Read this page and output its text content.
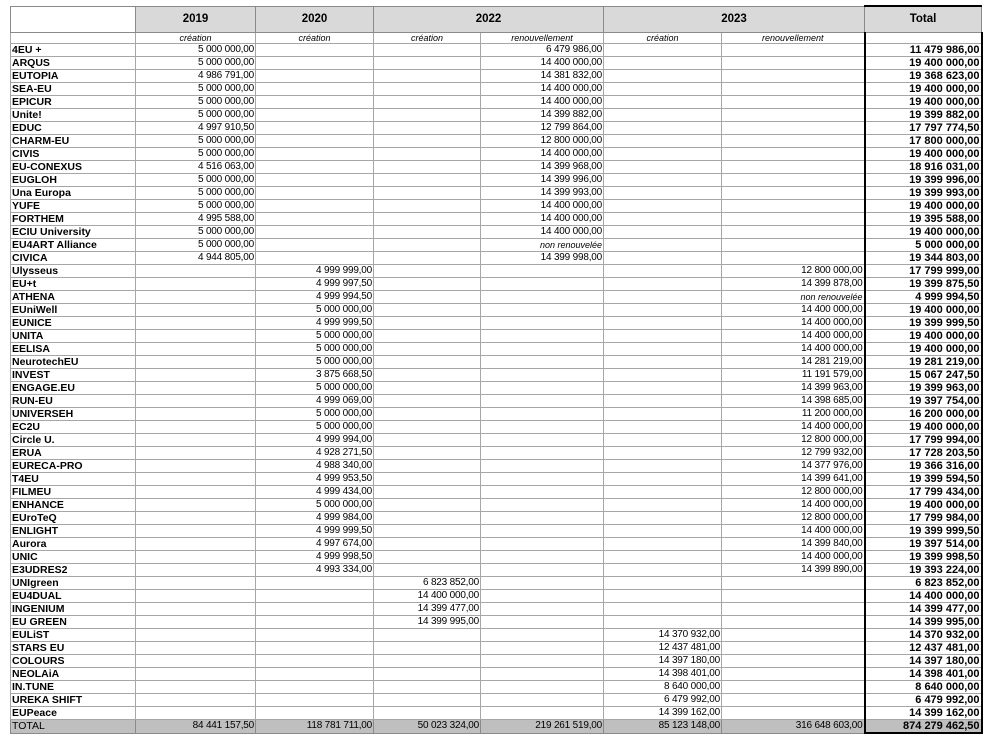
	2019	2020	2022		2023		Total
	création	création	création	renouvellement	création	renouvellement	
4EU +	5 000 000,00			6 479 986,00			11 479 986,00
ARQUS	5 000 000,00			14 400 000,00			19 400 000,00
EUTOPIA	4 986 791,00			14 381 832,00			19 368 623,00
SEA-EU	5 000 000,00			14 400 000,00			19 400 000,00
EPICUR	5 000 000,00			14 400 000,00			19 400 000,00
Unite!	5 000 000,00			14 399 882,00			19 399 882,00
EDUC	4 997 910,50			12 799 864,00			17 797 774,50
CHARM-EU	5 000 000,00			12 800 000,00			17 800 000,00
CIVIS	5 000 000,00			14 400 000,00			19 400 000,00
EU-CONEXUS	4 516 063,00			14 399 968,00			18 916 031,00
EUGLOH	5 000 000,00			14 399 996,00			19 399 996,00
Una Europa	5 000 000,00			14 399 993,00			19 399 993,00
YUFE	5 000 000,00			14 400 000,00			19 400 000,00
FORTHEM	4 995 588,00			14 400 000,00			19 395 588,00
ECIU University	5 000 000,00			14 400 000,00			19 400 000,00
EU4ART Alliance	5 000 000,00			non renouvelée			5 000 000,00
CIVICA	4 944 805,00			14 399 998,00			19 344 803,00
Ulysseus		4 999 999,00				12 800 000,00	17 799 999,00
EU+t		4 999 997,50				14 399 878,00	19 399 875,50
ATHENA		4 999 994,50				non renouvelée	4 999 994,50
EUniWell		5 000 000,00				14 400 000,00	19 400 000,00
EUNICE		4 999 999,50				14 400 000,00	19 399 999,50
UNITA		5 000 000,00				14 400 000,00	19 400 000,00
EELISA		5 000 000,00				14 400 000,00	19 400 000,00
NeurotechEU		5 000 000,00				14 281 219,00	19 281 219,00
INVEST		3 875 668,50				11 191 579,00	15 067 247,50
ENGAGE.EU		5 000 000,00				14 399 963,00	19 399 963,00
RUN-EU		4 999 069,00				14 398 685,00	19 397 754,00
UNIVERSEH		5 000 000,00				11 200 000,00	16 200 000,00
EC2U		5 000 000,00				14 400 000,00	19 400 000,00
Circle U.		4 999 994,00				12 800 000,00	17 799 994,00
ERUA		4 928 271,50				12 799 932,00	17 728 203,50
EURECA-PRO		4 988 340,00				14 377 976,00	19 366 316,00
T4EU		4 999 953,50				14 399 641,00	19 399 594,50
FILMEU		4 999 434,00				12 800 000,00	17 799 434,00
ENHANCE		5 000 000,00				14 400 000,00	19 400 000,00
EUroTeQ		4 999 984,00				12 800 000,00	17 799 984,00
ENLIGHT		4 999 999,50				14 400 000,00	19 399 999,50
Aurora		4 997 674,00				14 399 840,00	19 397 514,00
UNIC		4 999 998,50				14 400 000,00	19 399 998,50
E3UDRES2		4 993 334,00				14 399 890,00	19 393 224,00
UNIgreen			6 823 852,00				6 823 852,00
EU4DUAL			14 400 000,00				14 400 000,00
INGENIUM			14 399 477,00				14 399 477,00
EU GREEN			14 399 995,00				14 399 995,00
EULiST					14 370 932,00		14 370 932,00
STARS EU					12 437 481,00		12 437 481,00
COLOURS					14 397 180,00		14 397 180,00
NEOLAiA					14 398 401,00		14 398 401,00
IN.TUNE					8 640 000,00		8 640 000,00
UREKA SHIFT					6 479 992,00		6 479 992,00
EUPeace					14 399 162,00		14 399 162,00
TOTAL	84 441 157,50	118 781 711,00	50 023 324,00	219 261 519,00	85 123 148,00	316 648 603,00	874 279 462,50
